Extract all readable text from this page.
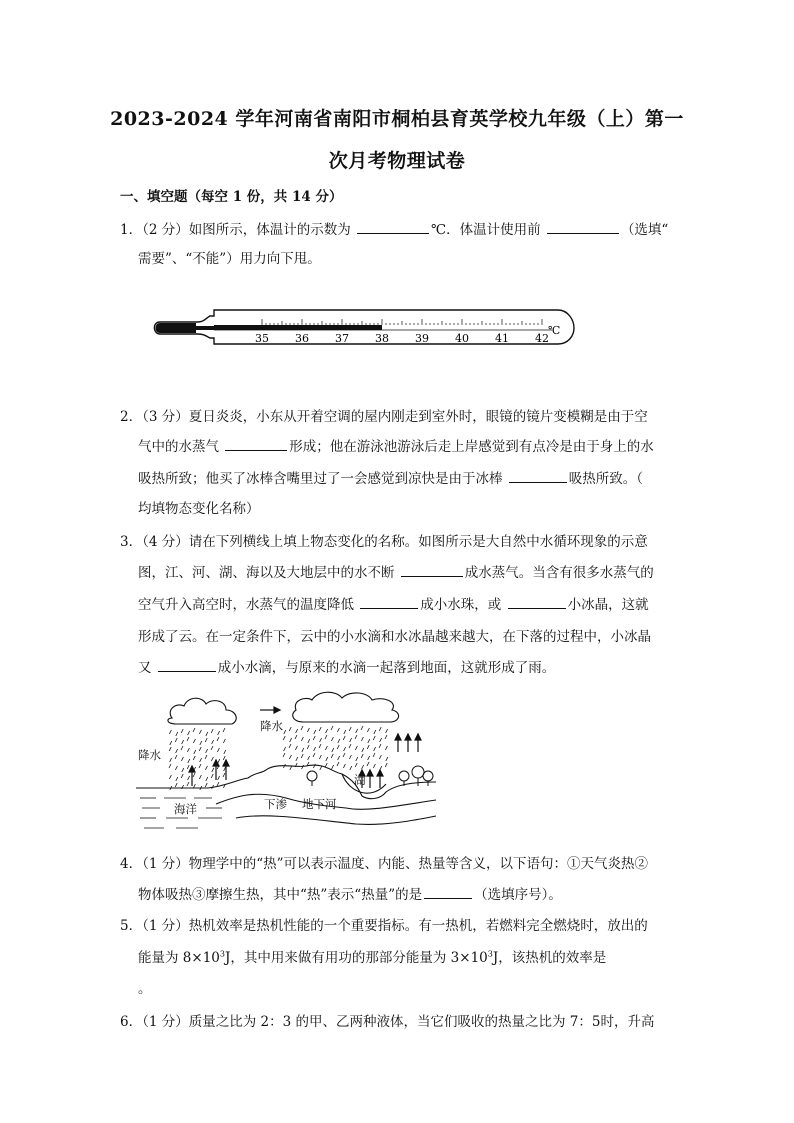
2023-2024 学年河南省南阳市桐柏县育英学校九年级（上）第一
次月考物理试卷
一、填空题（每空 1 份，共 14 分）
1．（2 分）如图所示，体温计的示数为	℃．体温计使用前	（选填“
需要”、“不能”）用力向下甩。
35 36 37 38 39 40 41 42
℃
2．（3 分）夏日炎炎，小东从开着空调的屋内刚走到室外时，眼镜的镜片变模糊是由于空
气中的水蒸气	形成；他在游泳池游泳后走上岸感觉到有点冷是由于身上的水
吸热所致；他买了冰棒含嘴里过了一会感觉到凉快是由于冰棒	吸热所致。（
均填物态变化名称）
3．（4 分）请在下列横线上填上物态变化的名称。如图所示是大自然中水循环现象的示意
图，江、河、湖、海以及大地层中的水不断	成水蒸气。当含有很多水蒸气的
空气升入高空时，水蒸气的温度降低	成小水珠，或	小冰晶，这就
形成了云。在一定条件下，云中的小水滴和水冰晶越来越大，在下落的过程中，小冰晶
又	成小水滴，与原来的水滴一起落到地面，这就形成了雨。
降水
降水
海洋	下渗 地下河
湖
4．（1 分）物理学中的“热”可以表示温度、内能、热量等含义，以下语句：①天气炎热②
物体吸热③摩擦生热，其中“热”表示“热量”的是	（选填序号）。
5．（1 分）热机效率是热机性能的一个重要指标。有一热机，若燃料完全燃烧时，放出的
能量为 $8\times 10^3J$，其中用来做有用功的那部分能量为 $3\times 10^3J$，该热机的效率是
。
6．（1 分）质量之比为 2：3 的甲、乙两种液体，当它们吸收的热量之比为 7：5时，升高
